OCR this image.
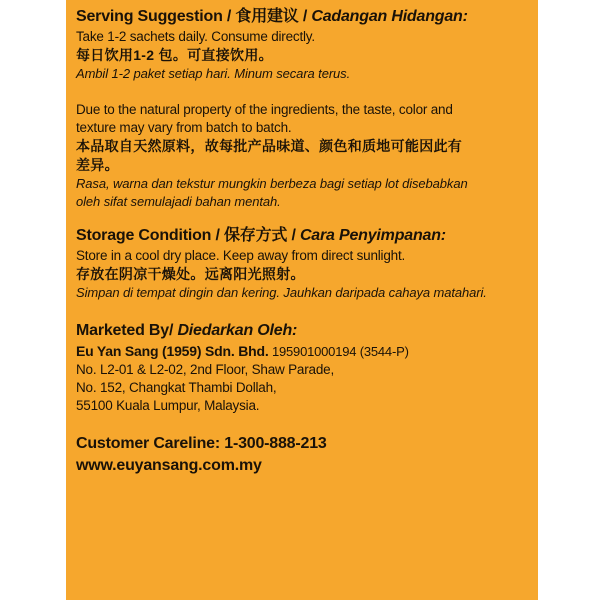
Serving Suggestion / 食用建议 / Cadangan Hidangan:
Take 1-2 sachets daily. Consume directly.
每日饮用1-2 包。可直接饮用。
Ambil 1-2 paket setiap hari. Minum secara terus.
Due to the natural property of the ingredients, the taste, color and
texture may vary from batch to batch.
本品取自天然原料，故每批产品味道、颜色和质地可能因此有
差异。
Rasa, warna dan tekstur mungkin berbeza bagi setiap lot disebabkan
oleh sifat semulajadi bahan mentah.
Storage Condition / 保存方式 / Cara Penyimpanan:
Store in a cool dry place. Keep away from direct sunlight.
存放在阴凉干燥处。远离阳光照射。
Simpan di tempat dingin dan kering. Jauhkan daripada cahaya matahari.
Marketed By/ Diedarkan Oleh:
Eu Yan Sang (1959) Sdn. Bhd. 195901000194 (3544-P)
No. L2-01 & L2-02, 2nd Floor, Shaw Parade,
No. 152, Changkat Thambi Dollah,
55100 Kuala Lumpur, Malaysia.
Customer Careline: 1-300-888-213
www.euyansang.com.my
